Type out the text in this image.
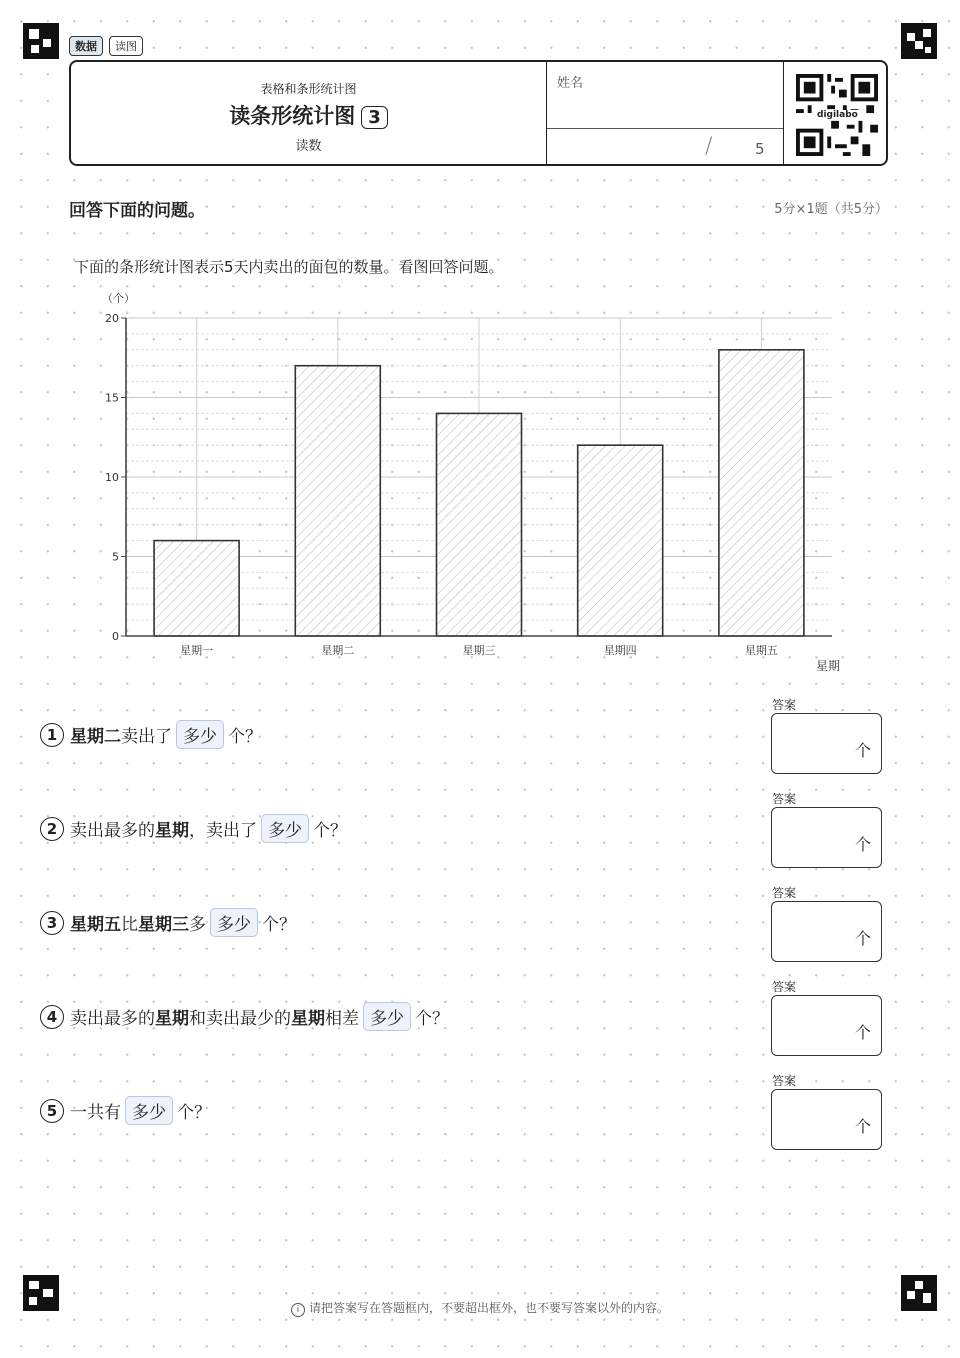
数据	读图
表格和条形统计图
读条形统计图 3
读数
姓名
/	5
digilabo
回答下面的问题。	5分×1题（共5分）
下面的条形统计图表示5天内卖出的面包的数量。看图回答问题。
星期一	星期二	星期三	星期四	星期五
0
5
10
15
20
（个）
星期
1 星期二 卖出了 多少 个？
答案
个
2 卖出最多的 星期 ，卖出了 多少 个？
答案
个
3 星期五 比 星期三 多 多少 个？
答案
个
4 卖出最多的 星期 和卖出最少的 星期 相差 多少 个？
答案
个
5 一共有 多少 个？
答案
个
i 请把答案写在答题框内，不要超出框外，也不要写答案以外的内容。
